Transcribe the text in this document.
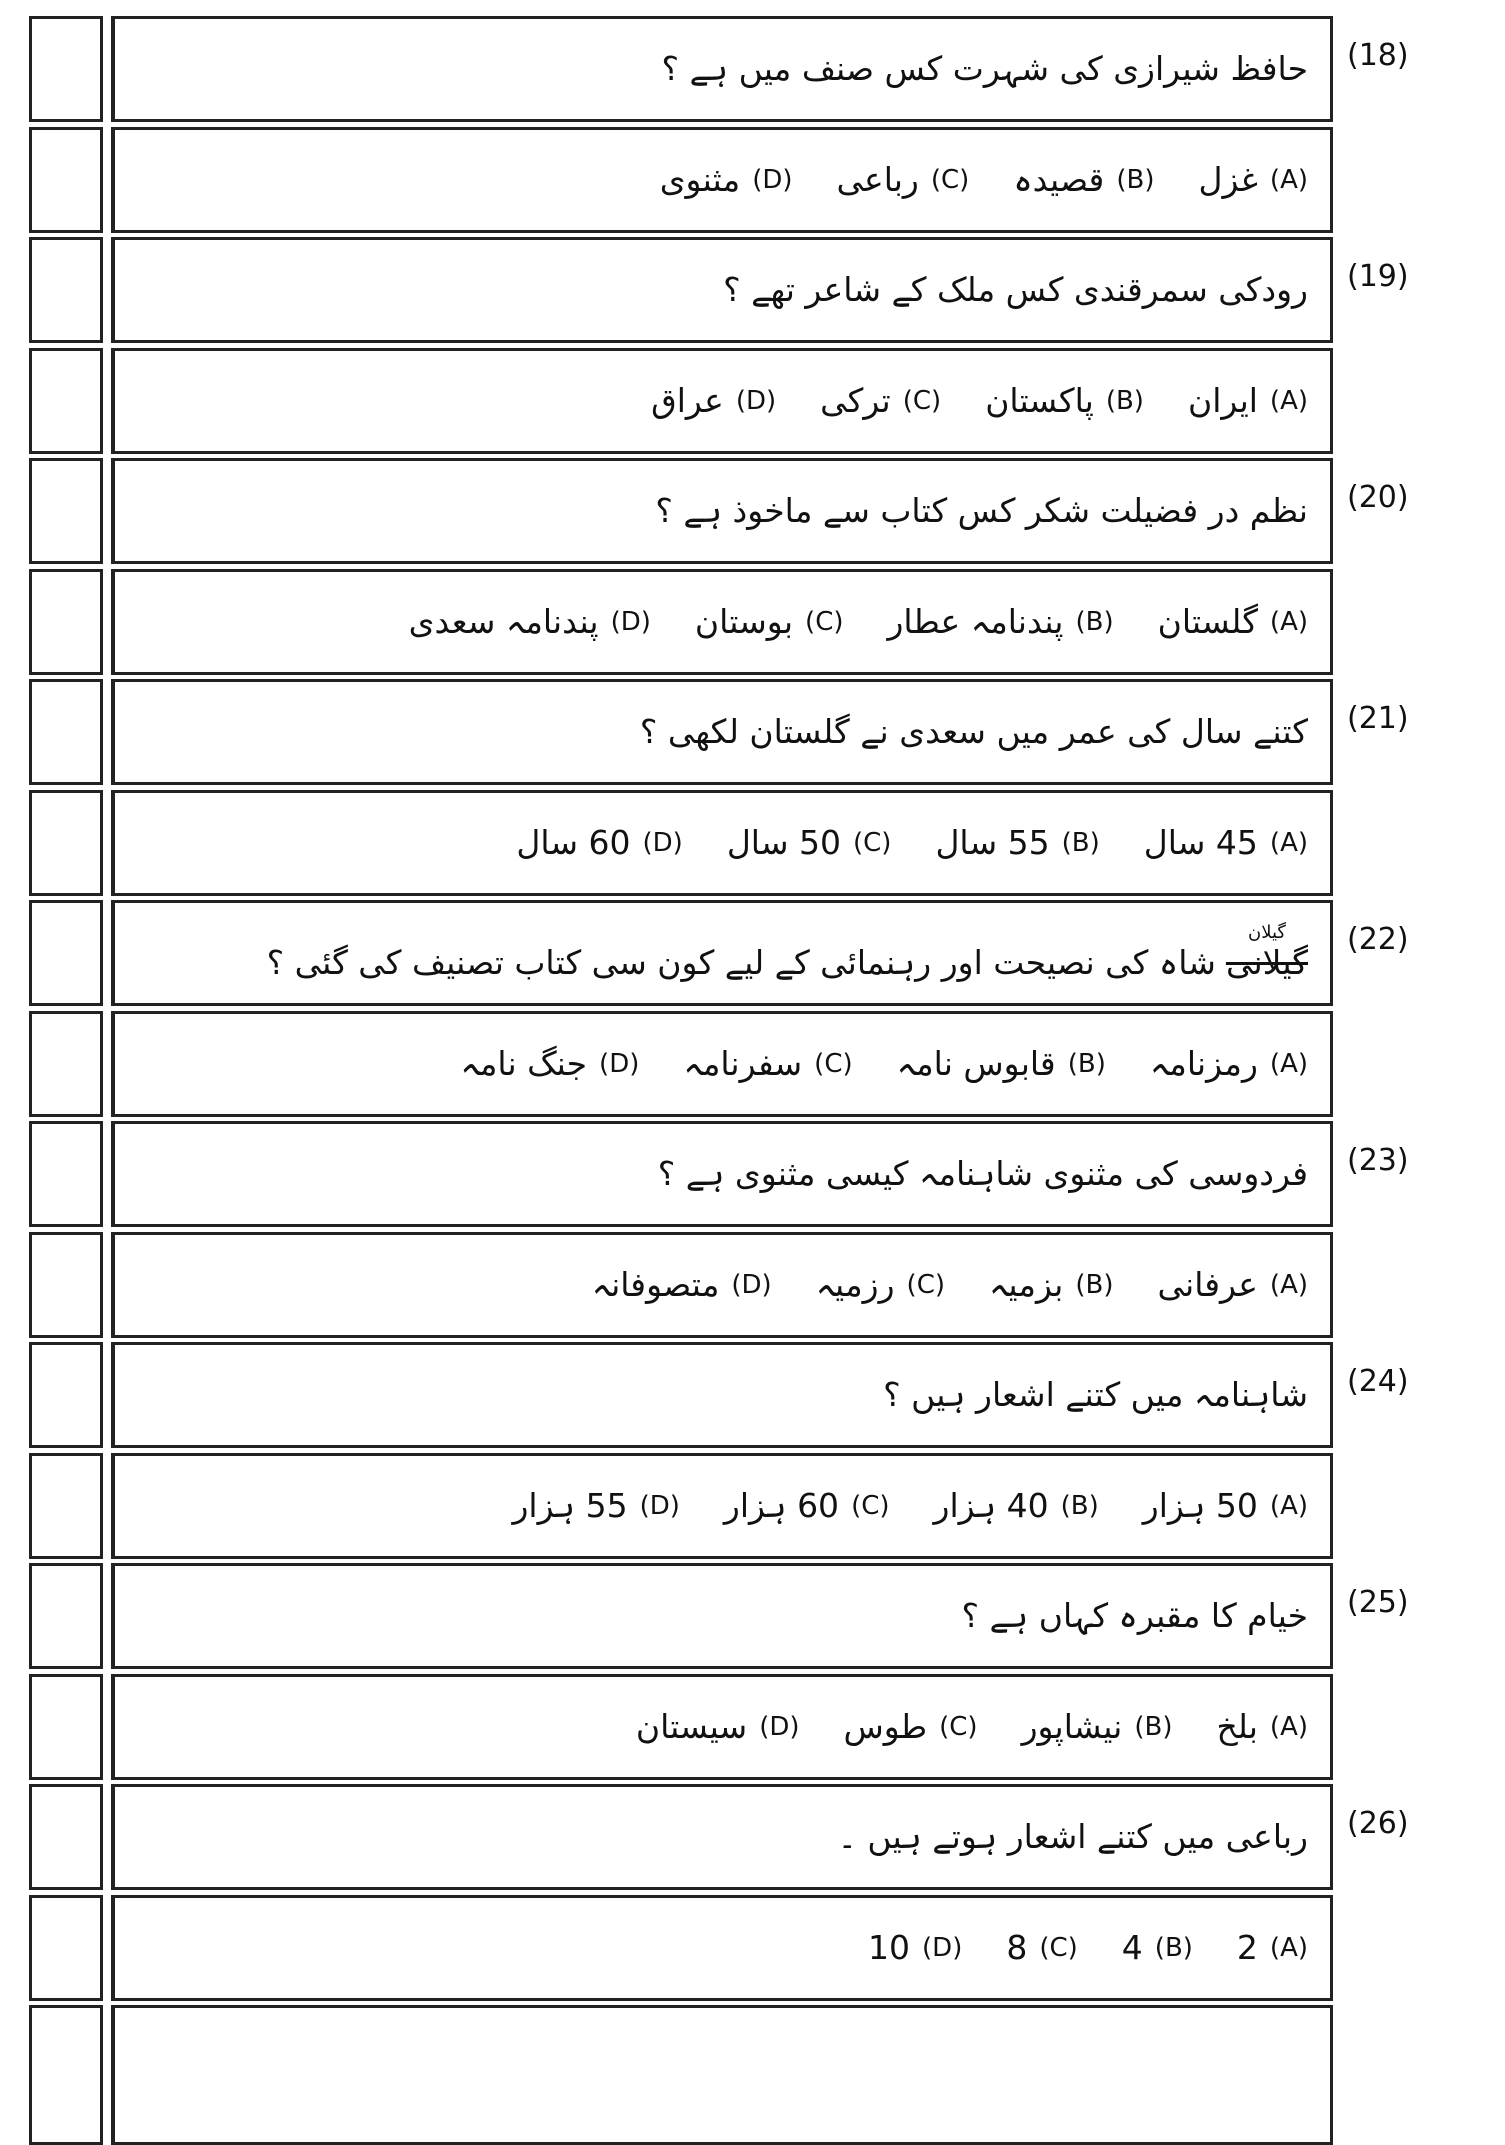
حافظ شیرازی کی شہرت کس صنف میں ہے ؟ (18)
(A)
غزل
(B)
قصیدہ
(C)
رباعی
(D)
مثنوی
رودکی سمرقندی کس ملک کے شاعر تھے ؟ (19)
(A)
ایران
(B)
پاکستان
(C)
ترکی
(D)
عراق
نظم در فضیلت شکر کس کتاب سے ماخوذ ہے ؟ (20)
(A)
گلستان
(B)
پندنامہ عطار
(C)
بوستان
(D)
پندنامہ سعدی
کتنے سال کی عمر میں سعدی نے گلستان لکھی ؟ (21)
(A)
45 سال
(B)
55 سال
(C)
50 سال
(D)
60 سال
گیلان
گیلانی
شاہ کی نصیحت اور رہنمائی کے لیے کون سی کتاب تصنیف کی گئی ؟
(22)
(A)
رمزنامہ
(B)
قابوس نامہ
(C)
سفرنامہ
(D)
جنگ نامہ
فردوسی کی مثنوی شاہنامہ کیسی مثنوی ہے ؟ (23)
(A)
عرفانی
(B)
بزمیہ
(C)
رزمیہ
(D)
متصوفانہ
شاہنامہ میں کتنے اشعار ہیں ؟ (24)
(A)
50 ہزار
(B)
40 ہزار
(C)
60 ہزار
(D)
55 ہزار
خیام کا مقبرہ کہاں ہے ؟ (25)
(A)
بلخ
(B)
نیشاپور
(C)
طوس
(D)
سیستان
رباعی میں کتنے اشعار ہوتے ہیں ۔ (26)
(A)
2
(B)
4
(C)
8
(D)
10
